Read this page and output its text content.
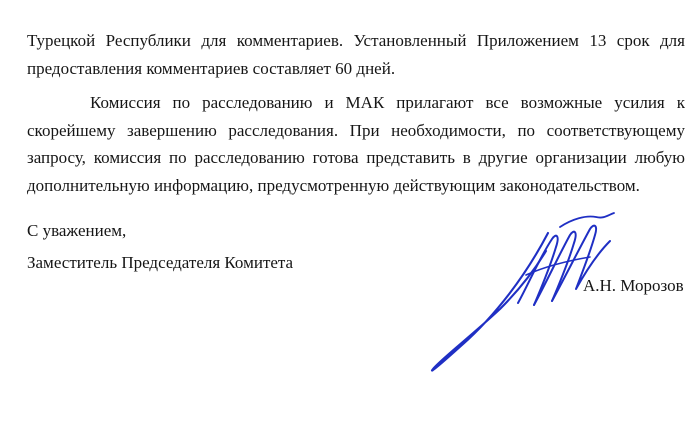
Турецкой Республики для комментариев. Установленный Приложением 13 срок для предоставления комментариев составляет 60 дней.

Комиссия по расследованию и МАК прилагают все возможные усилия к скорейшему завершению расследования. При необходимости, по соответствующему запросу, комиссия по расследованию готова представить в другие организации любую дополнительную информацию, предусмотренную действующим законодательством.

С уважением,

Заместитель Председателя Комитета

А.Н. Морозов
